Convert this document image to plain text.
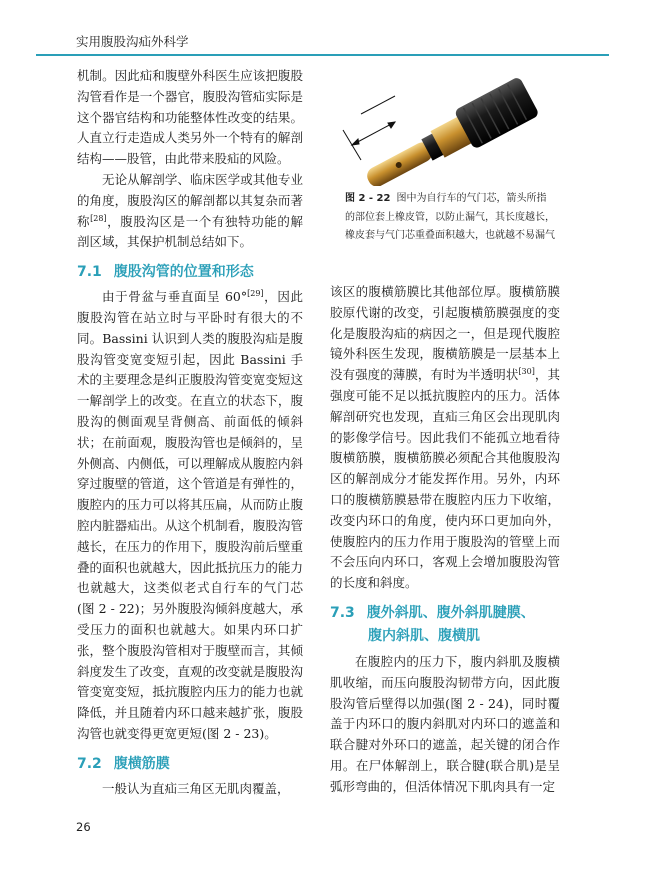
实用腹股沟疝外科学

机制。因此疝和腹壁外科医生应该把腹股沟管看作是一个器官，腹股沟管疝实际是这个器官结构和功能整体性改变的结果。人直立行走造成人类另外一个特有的解剖结构——股管，由此带来股疝的风险。

无论从解剖学、临床医学或其他专业的角度，腹股沟区的解剖都以其复杂而著称[28]，腹股沟区是一个有独特功能的解剖区域，其保护机制总结如下。

7.1 腹股沟管的位置和形态

由于骨盆与垂直面呈 60°[29]，因此腹股沟管在站立时与平卧时有很大的不同。Bassini 认识到人类的腹股沟疝是腹股沟管变宽变短引起，因此 Bassini 手术的主要理念是纠正腹股沟管变宽变短这一解剖学上的改变。在直立的状态下，腹股沟的侧面观呈背侧高、前面低的倾斜状；在前面观，腹股沟管也是倾斜的，呈外侧高、内侧低，可以理解成从腹腔内斜穿过腹壁的管道，这个管道是有弹性的，腹腔内的压力可以将其压扁，从而防止腹腔内脏器疝出。从这个机制看，腹股沟管越长，在压力的作用下，腹股沟前后壁重叠的面积也就越大，因此抵抗压力的能力也就越大，这类似老式自行车的气门芯(图 2 - 22)；另外腹股沟倾斜度越大，承受压力的面积也就越大。如果内环口扩张，整个腹股沟管相对于腹壁而言，其倾斜度发生了改变，直观的改变就是腹股沟管变宽变短，抵抗腹腔内压力的能力也就降低，并且随着内环口越来越扩张，腹股沟管也就变得更宽更短(图 2 - 23)。

7.2 腹横筋膜

一般认为直疝三角区无肌肉覆盖，

图 2 - 22 图中为自行车的气门芯，箭头所指的部位套上橡皮管，以防止漏气，其长度越长，橡皮套与气门芯重叠面积越大，也就越不易漏气

该区的腹横筋膜比其他部位厚。腹横筋膜胶原代谢的改变，引起腹横筋膜强度的变化是腹股沟疝的病因之一，但是现代腹腔镜外科医生发现，腹横筋膜是一层基本上没有强度的薄膜，有时为半透明状[30]，其强度可能不足以抵抗腹腔内的压力。活体解剖研究也发现，直疝三角区会出现肌肉的影像学信号。因此我们不能孤立地看待腹横筋膜，腹横筋膜必须配合其他腹股沟区的解剖成分才能发挥作用。另外，内环口的腹横筋膜悬带在腹腔内压力下收缩，改变内环口的角度，使内环口更加向外，使腹腔内的压力作用于腹股沟的管壁上而不会压向内环口，客观上会增加腹股沟管的长度和斜度。

7.3 腹外斜肌、腹外斜肌腱膜、
腹内斜肌、腹横肌

在腹腔内的压力下，腹内斜肌及腹横肌收缩，而压向腹股沟韧带方向，因此腹股沟管后壁得以加强(图 2 - 24)，同时覆盖于内环口的腹内斜肌对内环口的遮盖和联合腱对外环口的遮盖，起关键的闭合作用。在尸体解剖上，联合腱(联合肌)是呈弧形弯曲的，但活体情况下肌肉具有一定

26
